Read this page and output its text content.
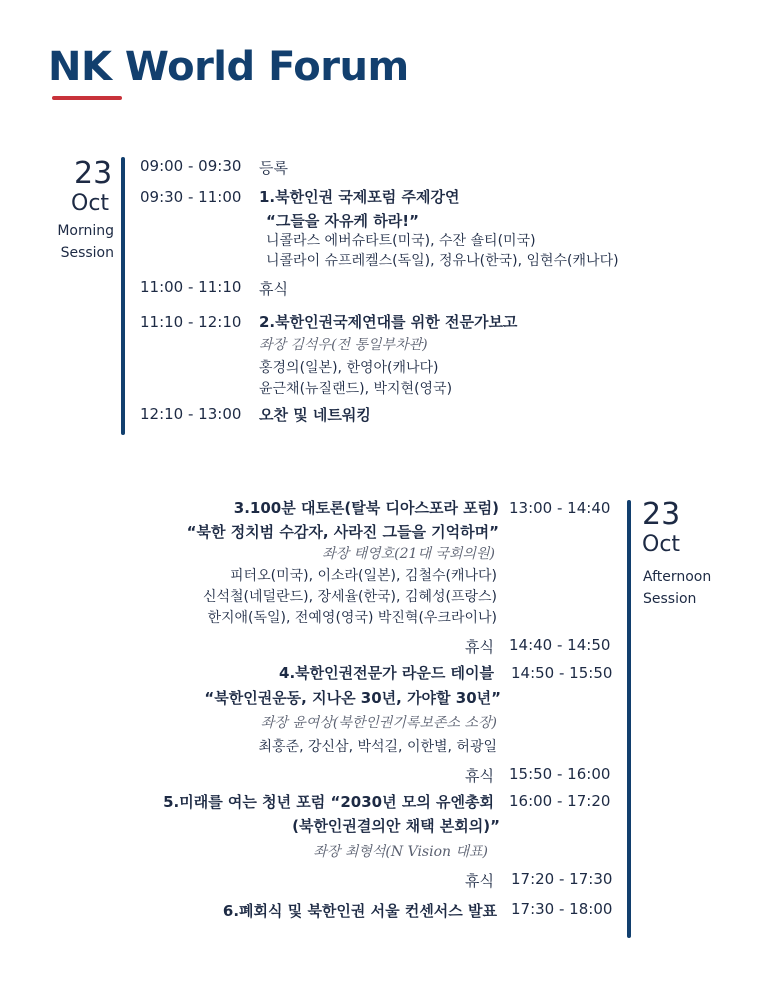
NK World Forum
23
Oct
Morning
Session
09:00 - 09:30 등록
09:30 - 11:00 1.북한인권 국제포럼 주제강연
“그들을 자유케 하라!”
니콜라스 에버슈타트(미국), 수잔 숄티(미국)
니콜라이 슈프레켈스(독일), 정유나(한국), 임현수(캐나다)
11:00 - 11:10 휴식
11:10 - 12:10 2.북한인권국제연대를 위한 전문가보고
좌장 김석우(전 통일부차관)
홍경의(일본), 한영아(캐나다)
윤근채(뉴질랜드), 박지현(영국)
12:10 - 13:00 오찬 및 네트워킹
23
Oct
Afternoon
Session
13:00 - 14:40
3.100분 대토론(탈북 디아스포라 포럼)
“북한 정치범 수감자, 사라진 그들을 기억하며”
좌장 태영호(21대 국회의원)
피터오(미국), 이소라(일본), 김철수(캐나다)
신석철(네덜란드), 장세율(한국), 김혜성(프랑스)
한지애(독일), 전예영(영국) 박진혁(우크라이나)
휴식 14:40 - 14:50
14:50 - 15:50
4.북한인권전문가 라운드 테이블
“북한인권운동, 지나온 30년, 가야할 30년”
좌장 윤여상(북한인권기록보존소 소장)
최홍준, 강신삼, 박석길, 이한별, 허광일
휴식 15:50 - 16:00
16:00 - 17:20
5.미래를 여는 청년 포럼 “2030년 모의 유엔총회
(북한인권결의안 채택 본회의)”
좌장 최형석(N Vision 대표)
휴식 17:20 - 17:30
6.폐회식 및 북한인권 서울 컨센서스 발표 17:30 - 18:00
